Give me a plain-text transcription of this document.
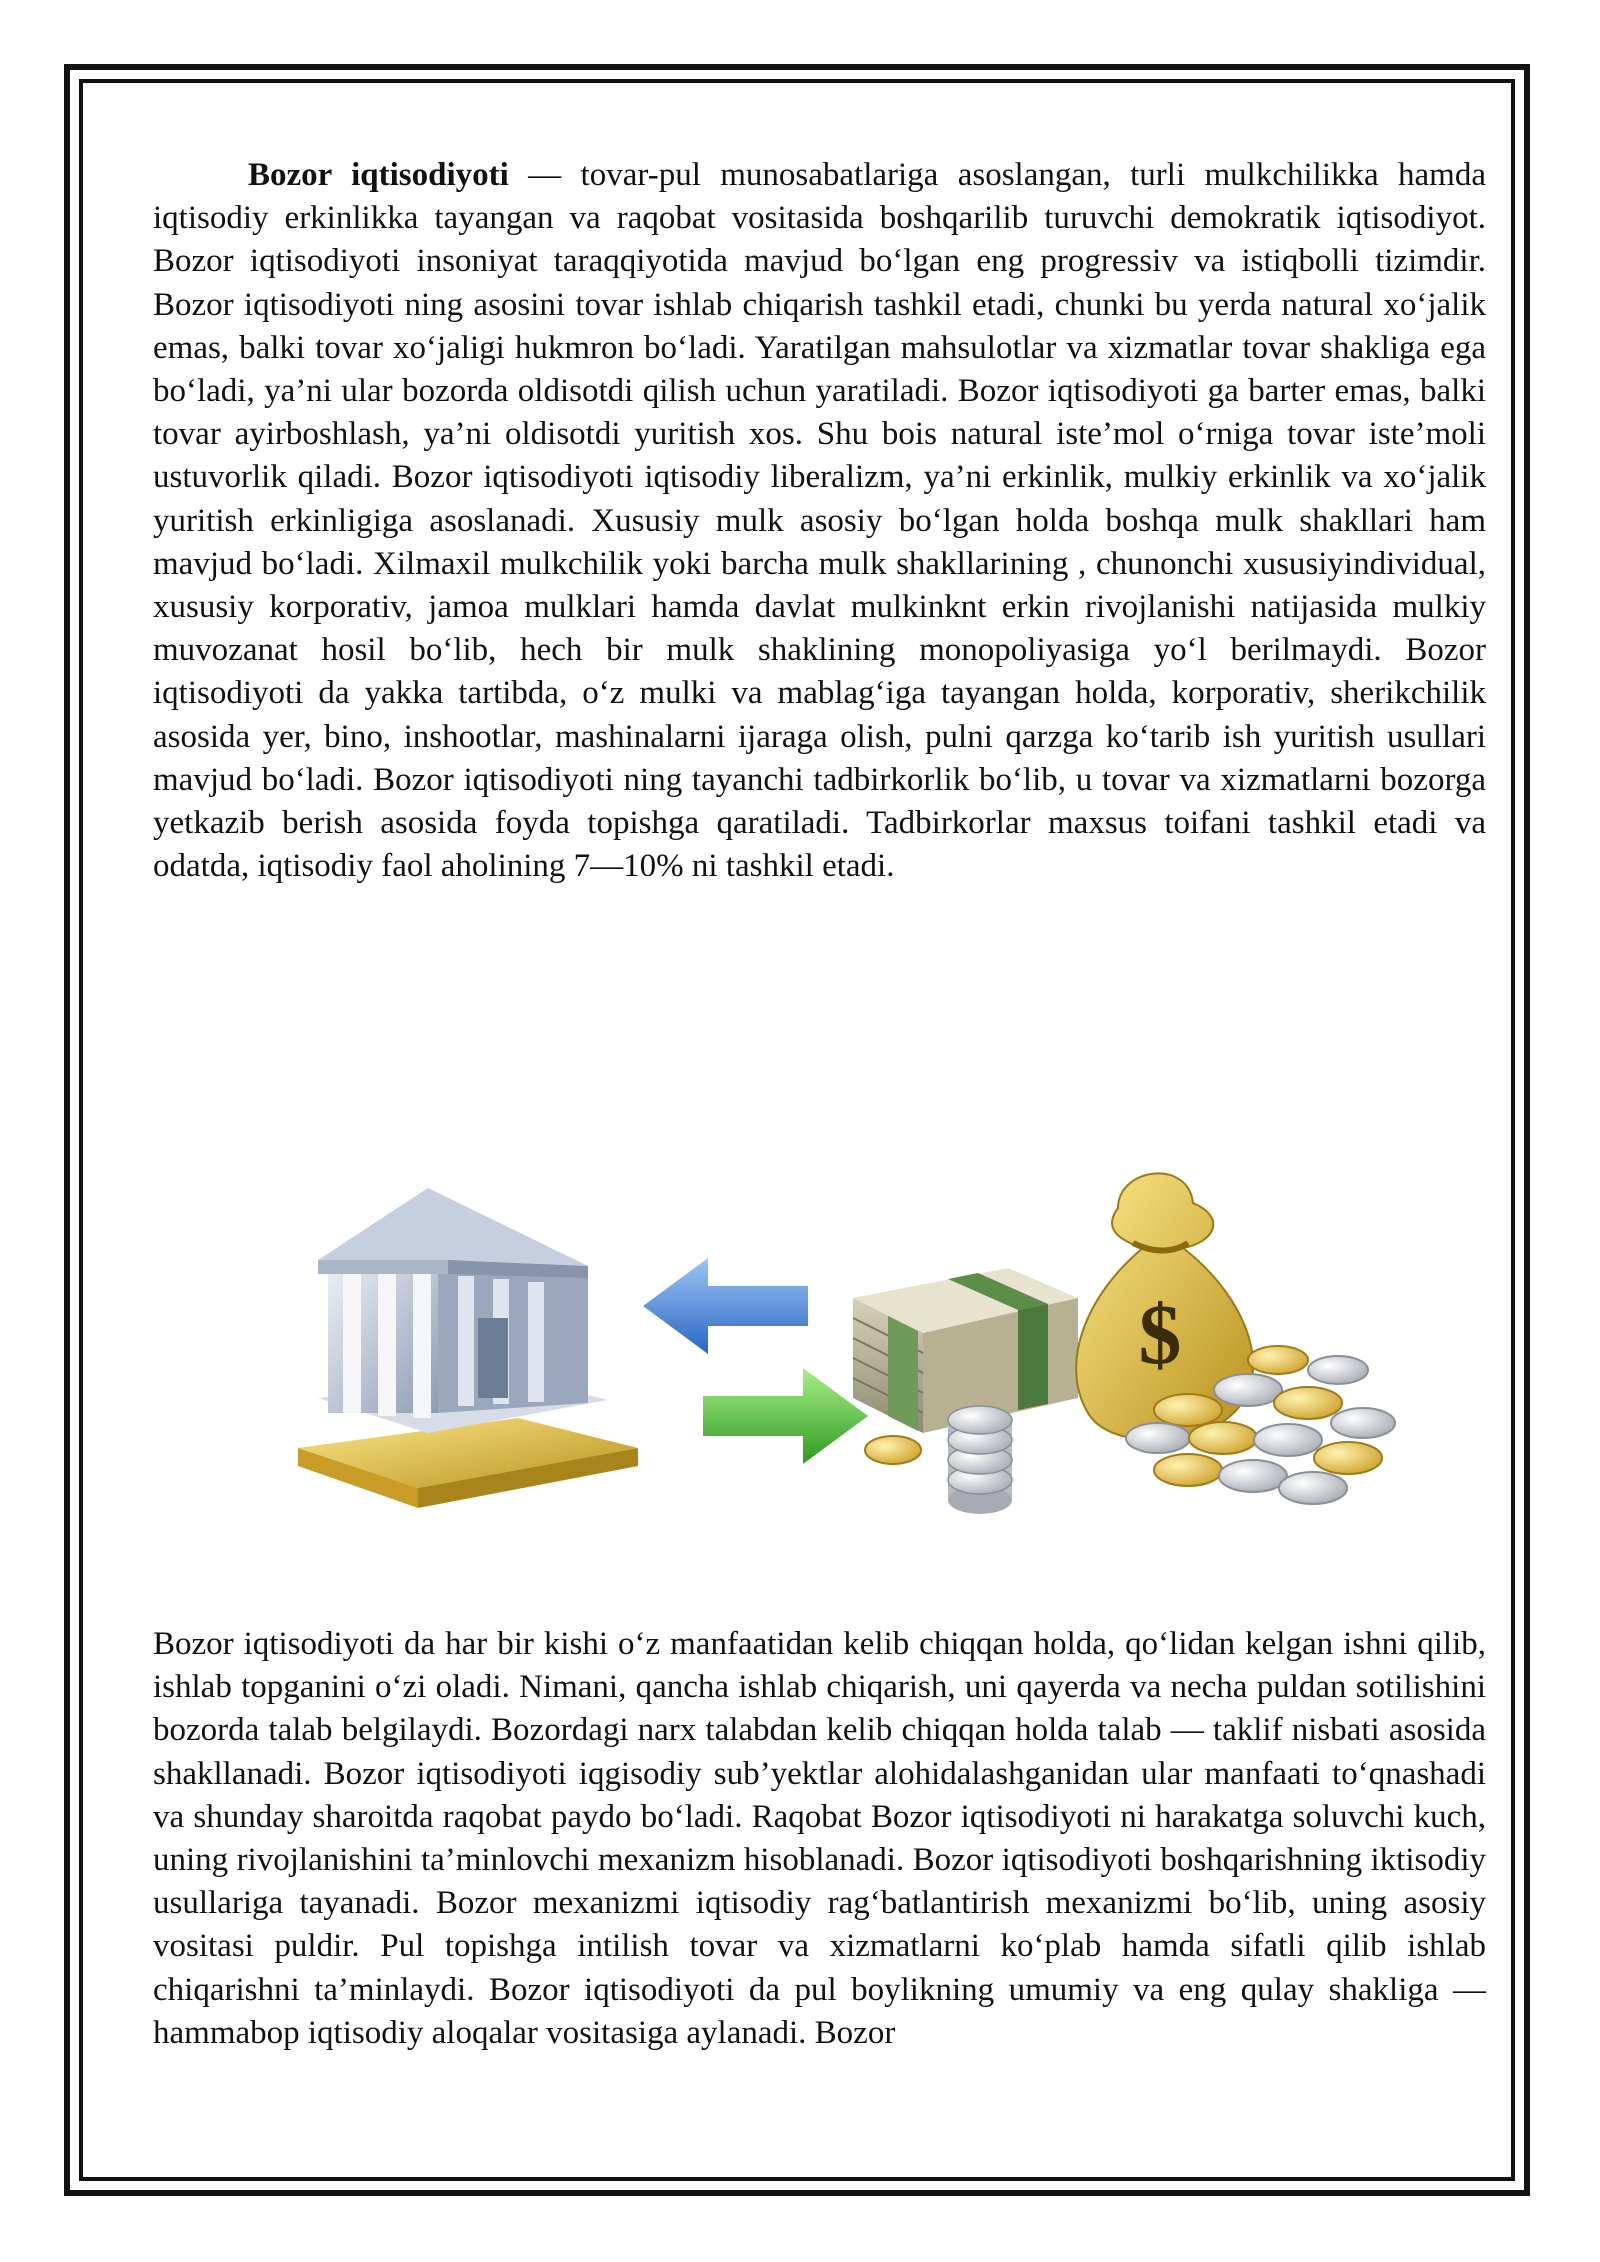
Bozor iqtisodiyoti — tovar-pul munosabatlariga asoslangan, turli mulkchilikka hamda iqtisodiy erkinlikka tayangan va raqobat vositasida boshqarilib turuvchi demokratik iqtisodiyot. Bozor iqtisodiyoti insoniyat taraqqiyotida mavjud boʻlgan eng progressiv va istiqbolli tizimdir. Bozor iqtisodiyoti ning asosini tovar ishlab chiqarish tashkil etadi, chunki bu yerda natural xoʻjalik emas, balki tovar xoʻjaligi hukmron boʻladi. Yaratilgan mahsulotlar va xizmatlar tovar shakliga ega boʻladi, ya’ni ular bozorda oldisotdi qilish uchun yaratiladi. Bozor iqtisodiyoti ga barter emas, balki tovar ayirboshlash, ya’ni oldisotdi yuritish xos. Shu bois natural iste’mol oʻrniga tovar iste’moli ustuvorlik qiladi. Bozor iqtisodiyoti iqtisodiy liberalizm, ya’ni erkinlik, mulkiy erkinlik va xoʻjalik yuritish erkinligiga asoslanadi. Xususiy mulk asosiy boʻlgan holda boshqa mulk shakllari ham mavjud boʻladi. Xilmaxil mulkchilik yoki barcha mulk shakllarining , chunonchi xususiyindividual, xususiy korporativ, jamoa mulklari hamda davlat mulkinknt erkin rivojlanishi natijasida mulkiy muvozanat hosil boʻlib, hech bir mulk shaklining monopoliyasiga yoʻl berilmaydi. Bozor iqtisodiyoti da yakka tartibda, oʻz mulki va mablagʻiga tayangan holda, korporativ, sherikchilik asosida yer, bino, inshootlar, mashinalarni ijaraga olish, pulni qarzga koʻtarib ish yuritish usullari mavjud boʻladi. Bozor iqtisodiyoti ning tayanchi tadbirkorlik boʻlib, u tovar va xizmatlarni bozorga yetkazib berish asosida foyda topishga qaratiladi. Tadbirkorlar maxsus toifani tashkil etadi va odatda, iqtisodiy faol aholining 7—10% ni tashkil etadi.

$

Bozor iqtisodiyoti da har bir kishi oʻz manfaatidan kelib chiqqan holda, qoʻlidan kelgan ishni qilib, ishlab topganini oʻzi oladi. Nimani, qancha ishlab chiqarish, uni qayerda va necha puldan sotilishini bozorda talab belgilaydi. Bozordagi narx talabdan kelib chiqqan holda talab — taklif nisbati asosida shakllanadi. Bozor iqtisodiyoti iqgisodiy sub’yektlar alohidalashganidan ular manfaati toʻqnashadi va shunday sharoitda raqobat paydo boʻladi. Raqobat Bozor iqtisodiyoti ni harakatga soluvchi kuch, uning rivojlanishini ta’minlovchi mexanizm hisoblanadi. Bozor iqtisodiyoti boshqarishning iktisodiy usullariga tayanadi. Bozor mexanizmi iqtisodiy ragʻbatlantirish mexanizmi boʻlib, uning asosiy vositasi puldir. Pul topishga intilish tovar va xizmatlarni koʻplab hamda sifatli qilib ishlab chiqarishni ta’minlaydi. Bozor iqtisodiyoti da pul boylikning umumiy va eng qulay shakliga — hammabop iqtisodiy aloqalar vositasiga aylanadi. Bozor
